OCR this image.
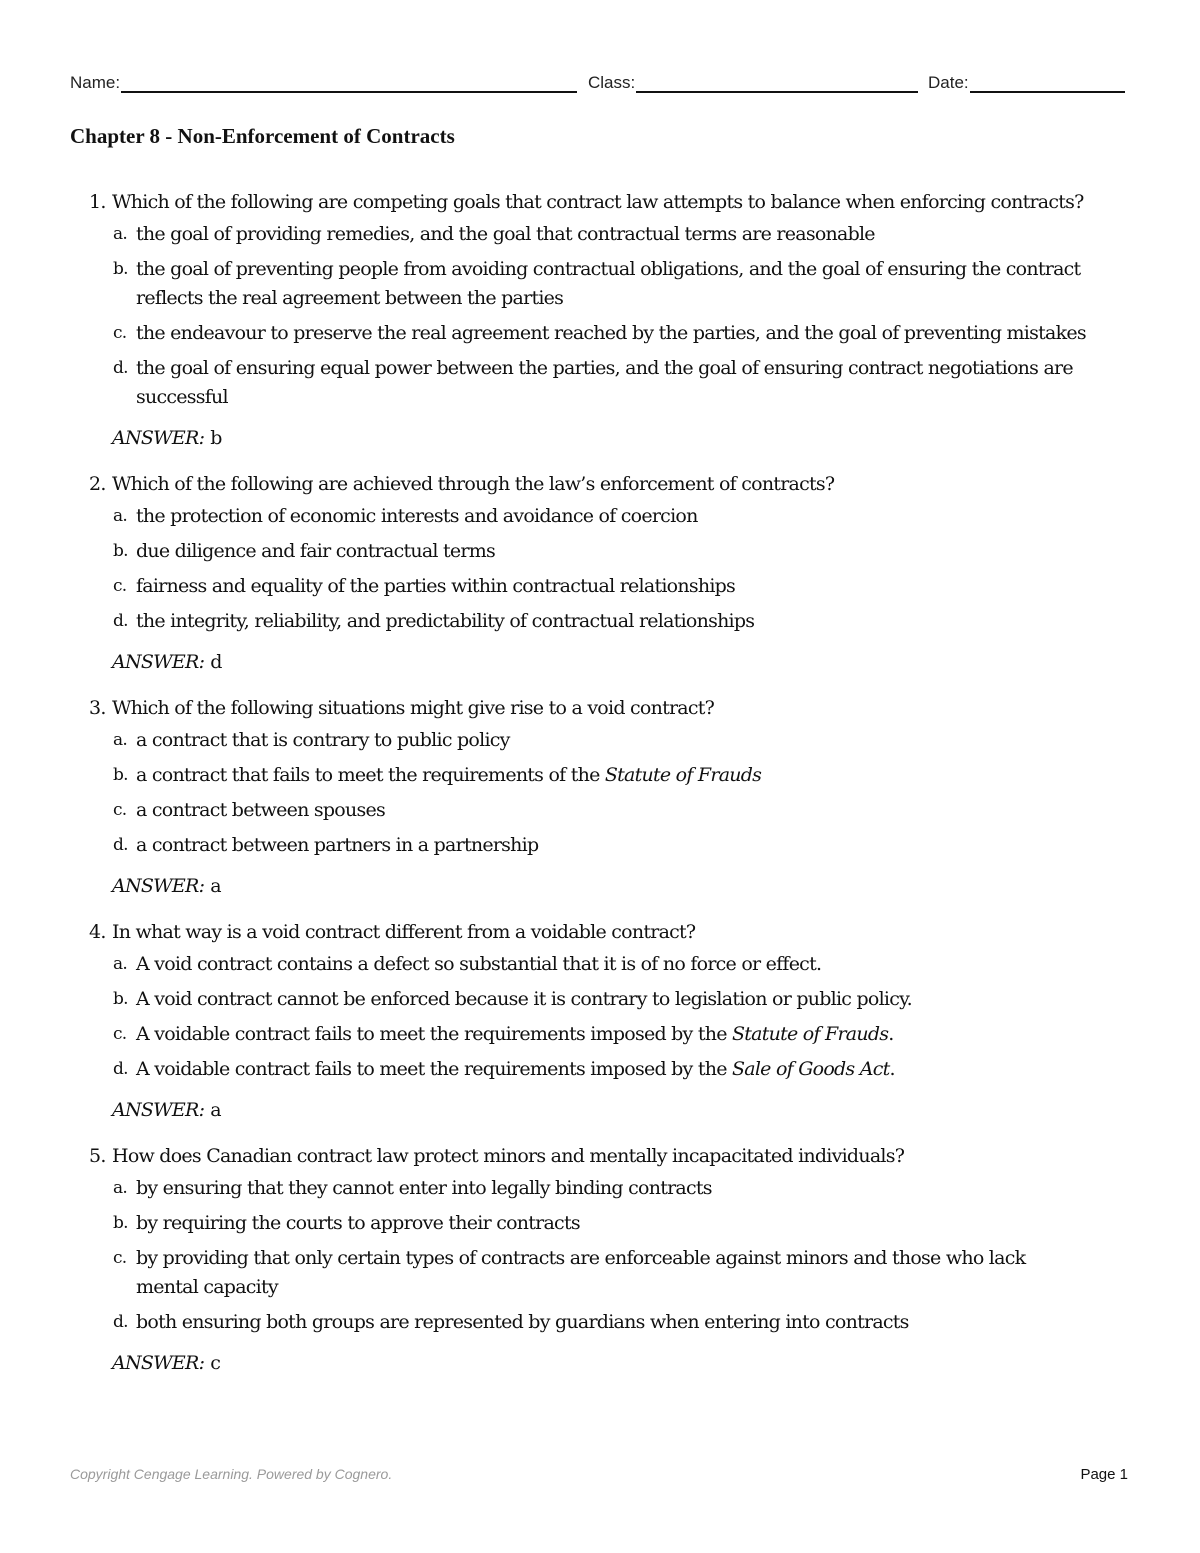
Name:	Class:	Date:
Chapter 8 - Non-Enforcement of Contracts
1. Which of the following are competing goals that contract law attempts to balance when enforcing contracts?
a. the goal of providing remedies, and the goal that contractual terms are reasonable
b. the goal of preventing people from avoiding contractual obligations, and the goal of ensuring the contract reflects the real agreement between the parties
c. the endeavour to preserve the real agreement reached by the parties, and the goal of preventing mistakes
d. the goal of ensuring equal power between the parties, and the goal of ensuring contract negotiations are successful
ANSWER: b
2. Which of the following are achieved through the law’s enforcement of contracts?
a. the protection of economic interests and avoidance of coercion
b. due diligence and fair contractual terms
c. fairness and equality of the parties within contractual relationships
d. the integrity, reliability, and predictability of contractual relationships
ANSWER: d
3. Which of the following situations might give rise to a void contract?
a. a contract that is contrary to public policy
b. a contract that fails to meet the requirements of the Statute of Frauds
c. a contract between spouses
d. a contract between partners in a partnership
ANSWER: a
4. In what way is a void contract different from a voidable contract?
a. A void contract contains a defect so substantial that it is of no force or effect.
b. A void contract cannot be enforced because it is contrary to legislation or public policy.
c. A voidable contract fails to meet the requirements imposed by the Statute of Frauds.
d. A voidable contract fails to meet the requirements imposed by the Sale of Goods Act.
ANSWER: a
5. How does Canadian contract law protect minors and mentally incapacitated individuals?
a. by ensuring that they cannot enter into legally binding contracts
b. by requiring the courts to approve their contracts
c. by providing that only certain types of contracts are enforceable against minors and those who lack mental capacity
d. both ensuring both groups are represented by guardians when entering into contracts
ANSWER: c
Copyright Cengage Learning. Powered by Cognero.	Page 1
